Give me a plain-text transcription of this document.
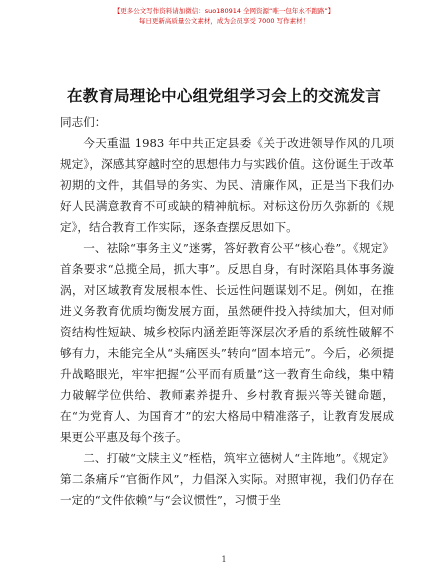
【更多公文写作资料请加微信：suo180914 全网资源“唯一包年永不跑路”】
每日更新高质量公文素材，成为会员享受 7000 写作素材！
在教育局理论中心组党组学习会上的交流发言

同志们：

今天重温 1983 年中共正定县委《关于改进领导作风的几项规定》，深感其穿越时空的思想伟力与实践价值。这份诞生于改革初期的文件，其倡导的务实、为民、清廉作风，正是当下我们办好人民满意教育不可或缺的精神航标。对标这份历久弥新的《规定》，结合教育工作实际，逐条查摆反思如下。

一、祛除“事务主义”迷雾，答好教育公平“核心卷”。《规定》首条要求“总揽全局，抓大事”。反思自身，有时深陷具体事务漩涡，对区域教育发展根本性、长远性问题谋划不足。例如，在推进义务教育优质均衡发展方面，虽然硬件投入持续加大，但对师资结构性短缺、城乡校际内涵差距等深层次矛盾的系统性破解不够有力，未能完全从“头痛医头”转向“固本培元”。今后，必须提升战略眼光，牢牢把握“公平而有质量”这一教育生命线，集中精力破解学位供给、教师素养提升、乡村教育振兴等关键命题，在“为党育人、为国育才”的宏大格局中精准落子，让教育发展成果更公平惠及每个孩子。

二、打破“文牍主义”桎梏，筑牢立德树人“主阵地”。《规定》第二条痛斥“官衙作风”，力倡深入实际。对照审视，我们仍存在一定的“文件依赖”与“会议惯性”，习惯于坐

1
